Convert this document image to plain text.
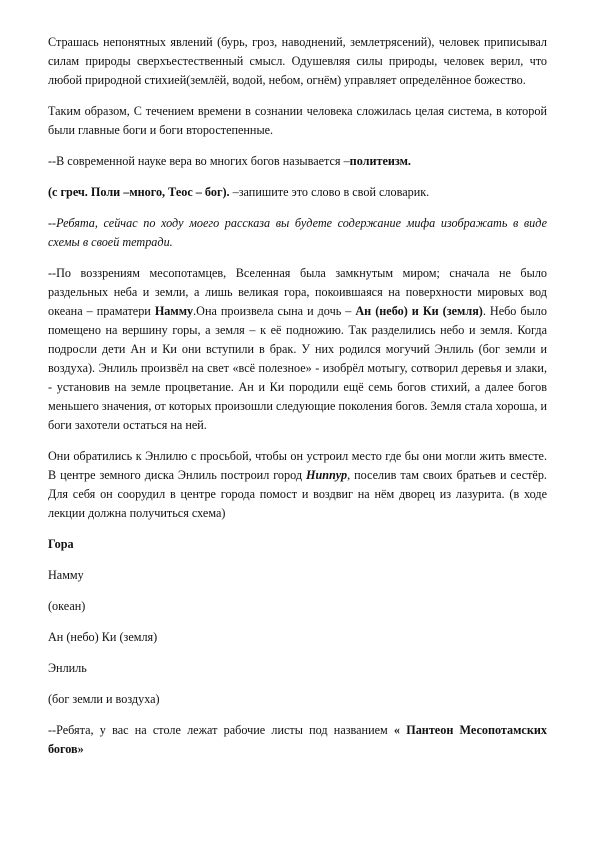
Страшась непонятных явлений (бурь, гроз, наводнений, землетрясений), человек приписывал силам природы сверхъестественный смысл. Одушевляя силы природы, человек верил, что любой природной стихией(землёй, водой, небом, огнём) управляет определённое божество.

Таким образом, С течением времени в сознании человека сложилась целая система, в которой были главные боги и боги второстепенные.

--В современной науке вера во многих богов называется –политеизм.

(с греч. Поли –много, Теос – бог). –запишите это слово в свой словарик.

--Ребята, сейчас по ходу моего рассказа вы будете содержание мифа изображать в виде схемы в своей тетради.

--По воззрениям месопотамцев, Вселенная была замкнутым миром; сначала не было раздельных неба и земли, а лишь великая гора, покоившаяся на поверхности мировых вод океана – праматери Намму.Она произвела сына и дочь – Ан (небо) и Ки (земля). Небо было помещено на вершину горы, а земля – к её подножию. Так разделились небо и земля. Когда подросли дети Ан и Ки они вступили в брак. У них родился могучий Энлиль (бог земли и воздуха). Энлиль произвёл на свет «всё полезное» - изобрёл мотыгу, сотворил деревья и злаки, - установив на земле процветание. Ан и Ки породили ещё семь богов стихий, а далее богов меньшего значения, от которых произошли следующие поколения богов. Земля стала хороша, и боги захотели остаться на ней.

Они обратились к Энлилю с просьбой, чтобы он устроил место где бы они могли жить вместе. В центре земного диска Энлиль построил город Ниппур, поселив там своих братьев и сестёр. Для себя он соорудил в центре города помост и воздвиг на нём дворец из лазурита. (в ходе лекции должна получиться схема)

Гора

Намму

(океан)

Ан (небо) Ки (земля)

Энлиль

(бог земли и воздуха)

--Ребята, у вас на столе лежат рабочие листы под названием « Пантеон Месопотамских богов»
